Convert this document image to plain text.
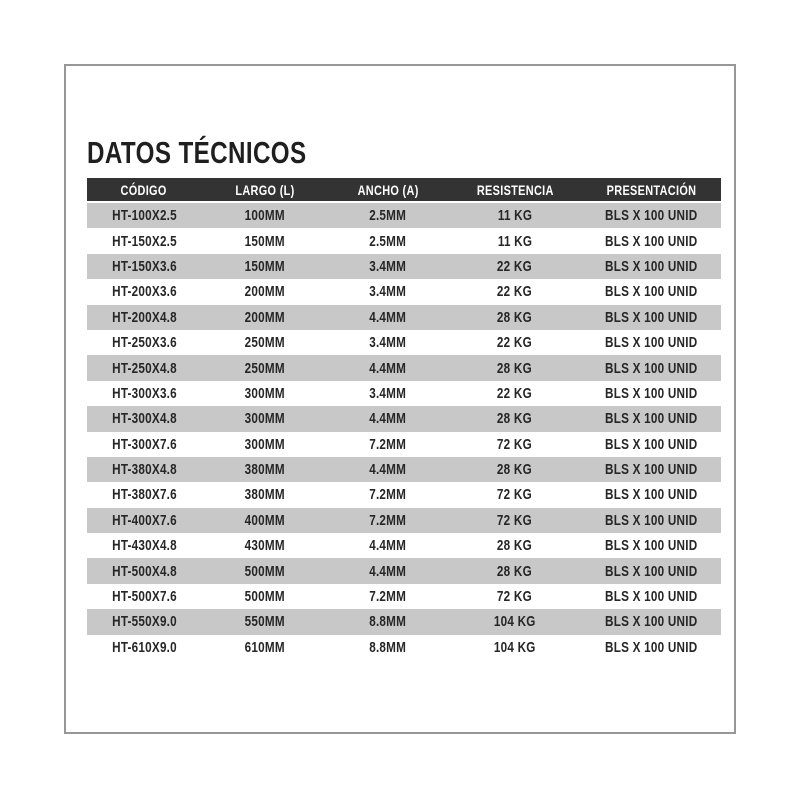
DATOS TÉCNICOS
CÓDIGO	LARGO (L)	ANCHO (A)	RESISTENCIA	PRESENTACIÓN
HT-100X2.5	100MM	2.5MM	11 KG	BLS X 100 UNID
HT-150X2.5	150MM	2.5MM	11 KG	BLS X 100 UNID
HT-150X3.6	150MM	3.4MM	22 KG	BLS X 100 UNID
HT-200X3.6	200MM	3.4MM	22 KG	BLS X 100 UNID
HT-200X4.8	200MM	4.4MM	28 KG	BLS X 100 UNID
HT-250X3.6	250MM	3.4MM	22 KG	BLS X 100 UNID
HT-250X4.8	250MM	4.4MM	28 KG	BLS X 100 UNID
HT-300X3.6	300MM	3.4MM	22 KG	BLS X 100 UNID
HT-300X4.8	300MM	4.4MM	28 KG	BLS X 100 UNID
HT-300X7.6	300MM	7.2MM	72 KG	BLS X 100 UNID
HT-380X4.8	380MM	4.4MM	28 KG	BLS X 100 UNID
HT-380X7.6	380MM	7.2MM	72 KG	BLS X 100 UNID
HT-400X7.6	400MM	7.2MM	72 KG	BLS X 100 UNID
HT-430X4.8	430MM	4.4MM	28 KG	BLS X 100 UNID
HT-500X4.8	500MM	4.4MM	28 KG	BLS X 100 UNID
HT-500X7.6	500MM	7.2MM	72 KG	BLS X 100 UNID
HT-550X9.0	550MM	8.8MM	104 KG	BLS X 100 UNID
HT-610X9.0	610MM	8.8MM	104 KG	BLS X 100 UNID
